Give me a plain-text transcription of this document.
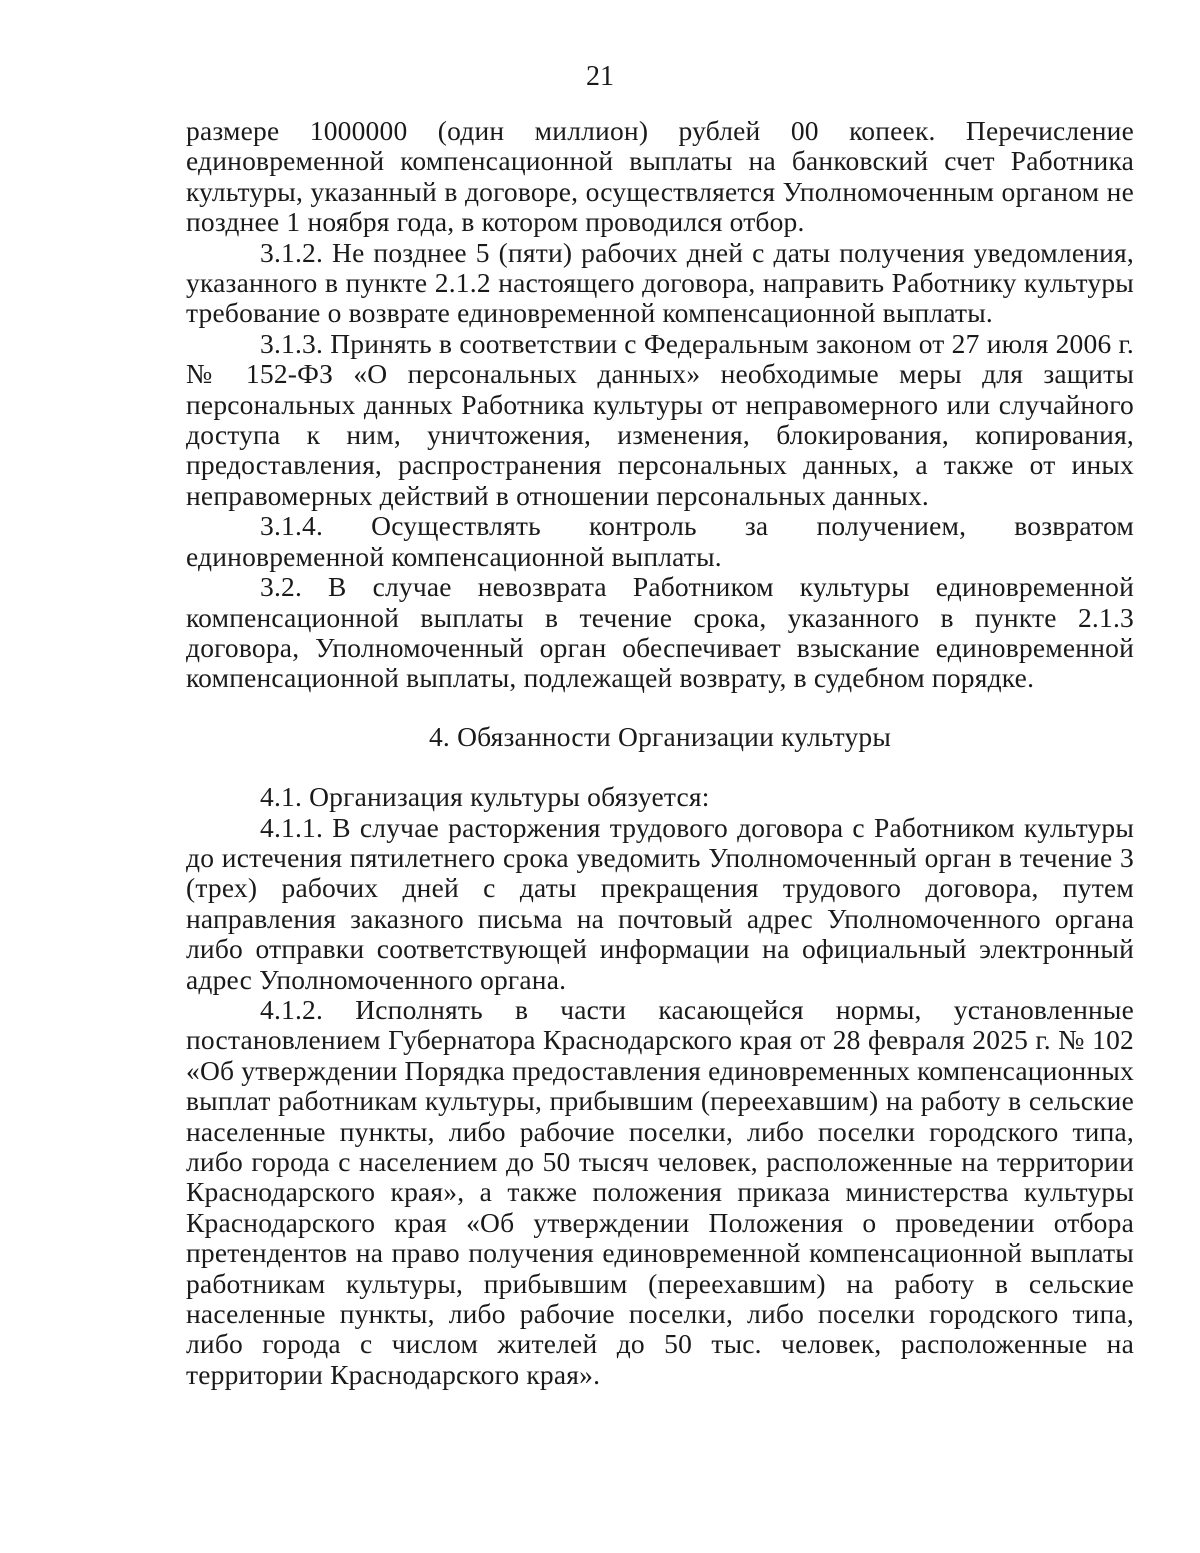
21

размере 1000000 (один миллион) рублей 00 копеек. Перечисление единовременной компенсационной выплаты на банковский счет Работника культуры, указанный в договоре, осуществляется Уполномоченным органом не позднее 1 ноября года, в котором проводился отбор.

3.1.2. Не позднее 5 (пяти) рабочих дней с даты получения уведомления, указанного в пункте 2.1.2 настоящего договора, направить Работнику культуры требование о возврате единовременной компенсационной выплаты.

3.1.3. Принять в соответствии с Федеральным законом от 27 июля 2006 г. № 152-ФЗ «О персональных данных» необходимые меры для защиты персональных данных Работника культуры от неправомерного или случайного доступа к ним, уничтожения, изменения, блокирования, копирования, предоставления, распространения персональных данных, а также от иных неправомерных действий в отношении персональных данных.

3.1.4. Осуществлять контроль за получением, возвратом единовременной компенсационной выплаты.

3.2. В случае невозврата Работником культуры единовременной компенсационной выплаты в течение срока, указанного в пункте 2.1.3 договора, Уполномоченный орган обеспечивает взыскание единовременной компенсационной выплаты, подлежащей возврату, в судебном порядке.

4. Обязанности Организации культуры

4.1. Организация культуры обязуется:

4.1.1. В случае расторжения трудового договора с Работником культуры до истечения пятилетнего срока уведомить Уполномоченный орган в течение 3 (трех) рабочих дней с даты прекращения трудового договора, путем направления заказного письма на почтовый адрес Уполномоченного органа либо отправки соответствующей информации на официальный электронный адрес Уполномоченного органа.

4.1.2. Исполнять в части касающейся нормы, установленные постановлением Губернатора Краснодарского края от 28 февраля 2025 г. № 102 «Об утверждении Порядка предоставления единовременных компенсационных выплат работникам культуры, прибывшим (переехавшим) на работу в сельские населенные пункты, либо рабочие поселки, либо поселки городского типа, либо города с населением до 50 тысяч человек, расположенные на территории Краснодарского края», а также положения приказа министерства культуры Краснодарского края «Об утверждении Положения о проведении отбора претендентов на право получения единовременной компенсационной выплаты работникам культуры, прибывшим (переехавшим) на работу в сельские населенные пункты, либо рабочие поселки, либо поселки городского типа, либо города с числом жителей до 50 тыс. человек, расположенные на территории Краснодарского края».
